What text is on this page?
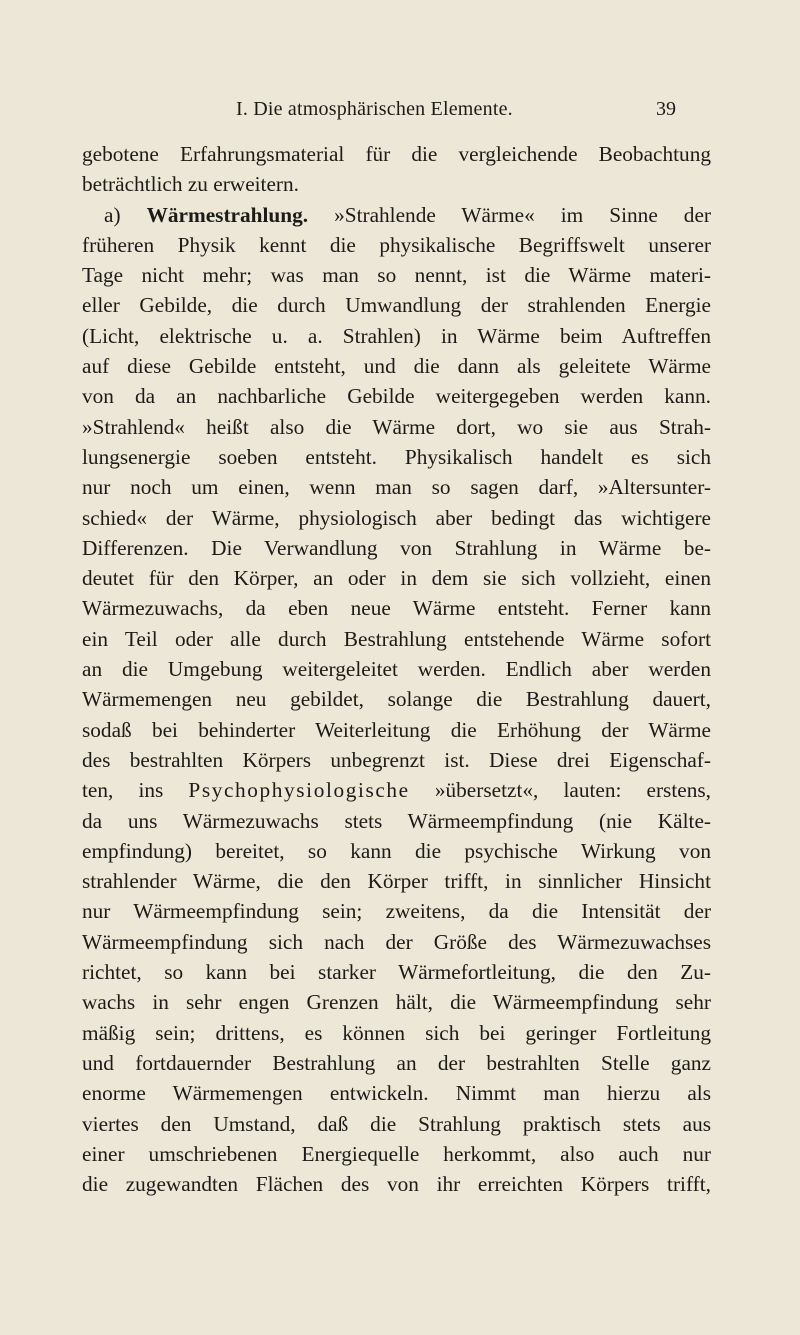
I. Die atmosphärischen Elemente.	39
gebotene Erfahrungsmaterial für die vergleichende Beobachtung
beträchtlich zu erweitern.
a) Wärmestrahlung. »Strahlende Wärme« im Sinne der
früheren Physik kennt die physikalische Begriffswelt unserer
Tage nicht mehr; was man so nennt, ist die Wärme materi-
eller Gebilde, die durch Umwandlung der strahlenden Energie
(Licht, elektrische u. a. Strahlen) in Wärme beim Auftreffen
auf diese Gebilde entsteht, und die dann als geleitete Wärme
von da an nachbarliche Gebilde weitergegeben werden kann.
»Strahlend« heißt also die Wärme dort, wo sie aus Strah-
lungsenergie soeben entsteht. Physikalisch handelt es sich
nur noch um einen, wenn man so sagen darf, »Altersunter-
schied« der Wärme, physiologisch aber bedingt das wichtigere
Differenzen. Die Verwandlung von Strahlung in Wärme be-
deutet für den Körper, an oder in dem sie sich vollzieht, einen
Wärmezuwachs, da eben neue Wärme entsteht. Ferner kann
ein Teil oder alle durch Bestrahlung entstehende Wärme sofort
an die Umgebung weitergeleitet werden. Endlich aber werden
Wärmemengen neu gebildet, solange die Bestrahlung dauert,
sodaß bei behinderter Weiterleitung die Erhöhung der Wärme
des bestrahlten Körpers unbegrenzt ist. Diese drei Eigenschaf-
ten, ins Psychophysiologische »übersetzt«, lauten: erstens,
da uns Wärmezuwachs stets Wärmeempfindung (nie Kälte-
empfindung) bereitet, so kann die psychische Wirkung von
strahlender Wärme, die den Körper trifft, in sinnlicher Hinsicht
nur Wärmeempfindung sein; zweitens, da die Intensität der
Wärmeempfindung sich nach der Größe des Wärmezuwachses
richtet, so kann bei starker Wärmefortleitung, die den Zu-
wachs in sehr engen Grenzen hält, die Wärmeempfindung sehr
mäßig sein; drittens, es können sich bei geringer Fortleitung
und fortdauernder Bestrahlung an der bestrahlten Stelle ganz
enorme Wärmemengen entwickeln. Nimmt man hierzu als
viertes den Umstand, daß die Strahlung praktisch stets aus
einer umschriebenen Energiequelle herkommt, also auch nur
die zugewandten Flächen des von ihr erreichten Körpers trifft,
